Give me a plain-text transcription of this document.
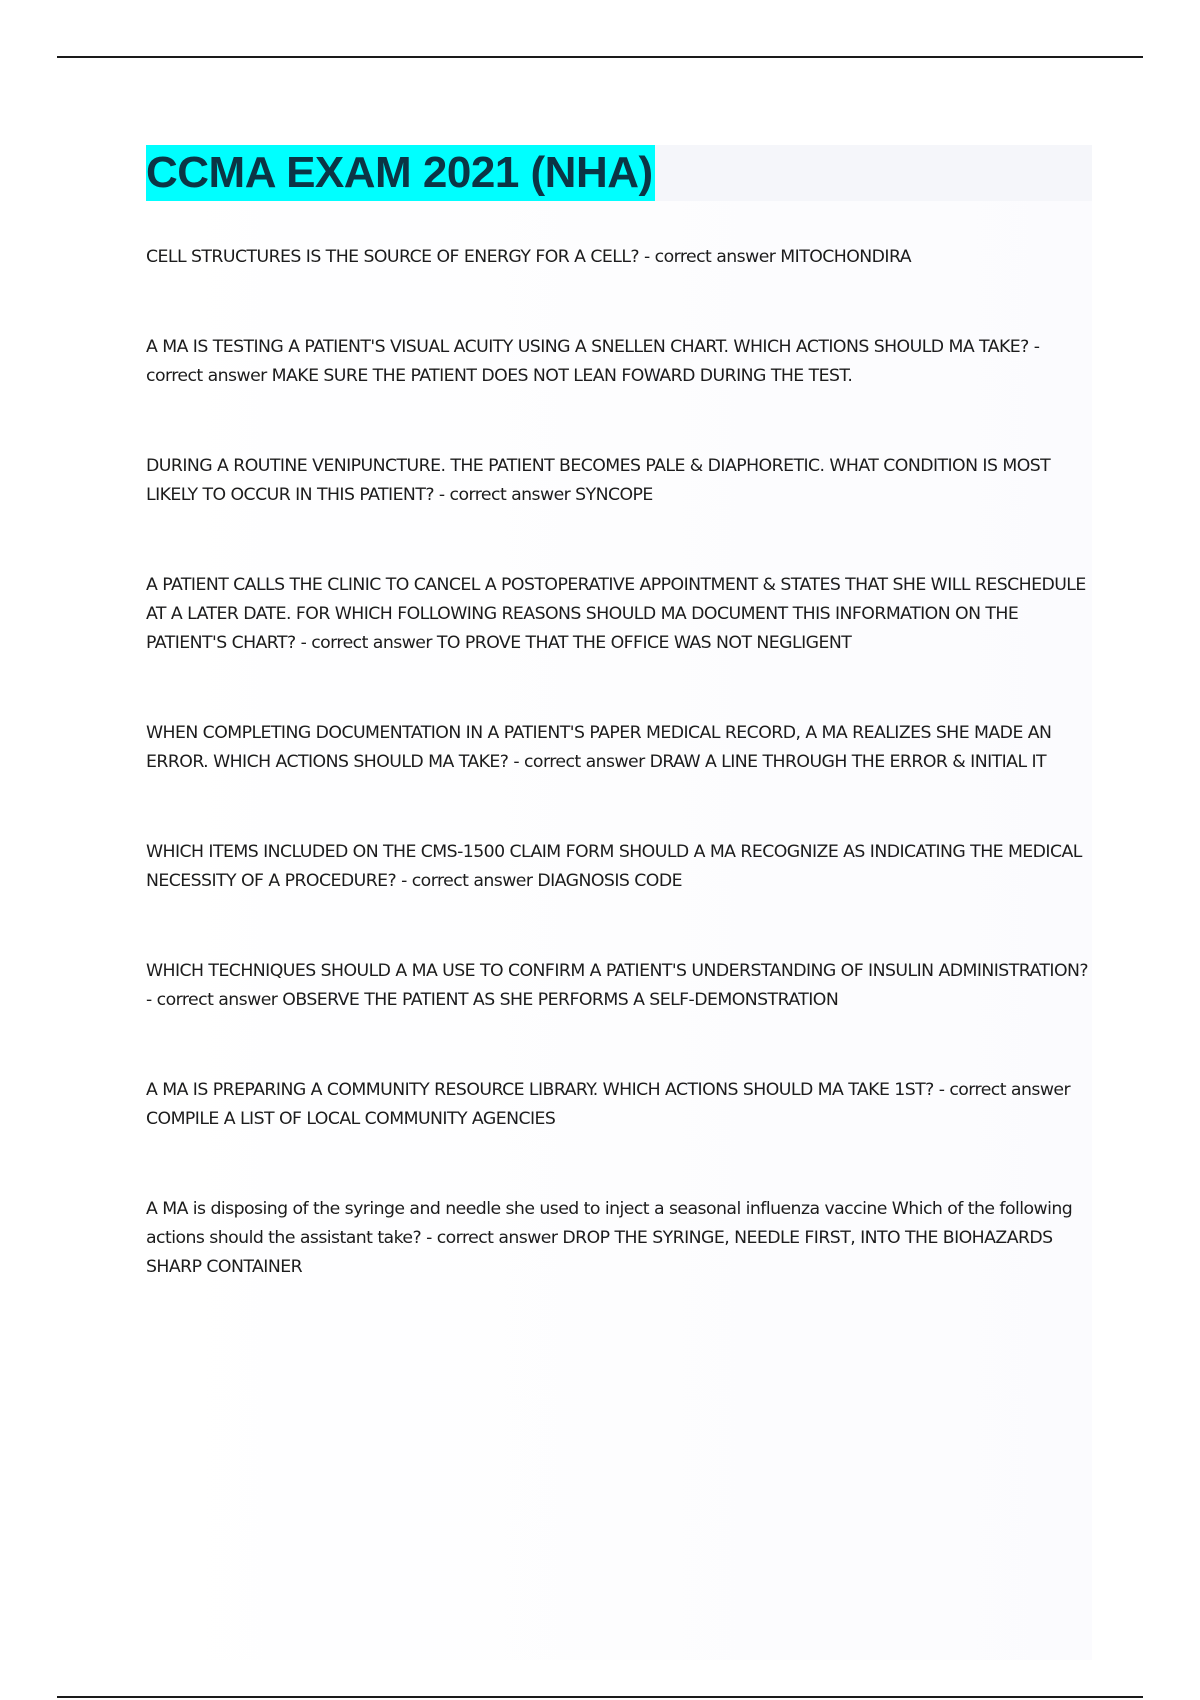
CCMA EXAM 2021 (NHA)

CELL STRUCTURES IS THE SOURCE OF ENERGY FOR A CELL? - correct answer MITOCHONDIRA

A MA IS TESTING A PATIENT'S VISUAL ACUITY USING A SNELLEN CHART. WHICH ACTIONS SHOULD MA TAKE? - correct answer MAKE SURE THE PATIENT DOES NOT LEAN FOWARD DURING THE TEST.

DURING A ROUTINE VENIPUNCTURE. THE PATIENT BECOMES PALE & DIAPHORETIC. WHAT CONDITION IS MOST LIKELY TO OCCUR IN THIS PATIENT? - correct answer SYNCOPE

A PATIENT CALLS THE CLINIC TO CANCEL A POSTOPERATIVE APPOINTMENT & STATES THAT SHE WILL RESCHEDULE AT A LATER DATE. FOR WHICH FOLLOWING REASONS SHOULD MA DOCUMENT THIS INFORMATION ON THE PATIENT'S CHART? - correct answer TO PROVE THAT THE OFFICE WAS NOT NEGLIGENT

WHEN COMPLETING DOCUMENTATION IN A PATIENT'S PAPER MEDICAL RECORD, A MA REALIZES SHE MADE AN ERROR. WHICH ACTIONS SHOULD MA TAKE? - correct answer DRAW A LINE THROUGH THE ERROR & INITIAL IT

WHICH ITEMS INCLUDED ON THE CMS-1500 CLAIM FORM SHOULD A MA RECOGNIZE AS INDICATING THE MEDICAL NECESSITY OF A PROCEDURE? - correct answer DIAGNOSIS CODE

WHICH TECHNIQUES SHOULD A MA USE TO CONFIRM A PATIENT'S UNDERSTANDING OF INSULIN ADMINISTRATION? - correct answer OBSERVE THE PATIENT AS SHE PERFORMS A SELF-DEMONSTRATION

A MA IS PREPARING A COMMUNITY RESOURCE LIBRARY. WHICH ACTIONS SHOULD MA TAKE 1ST? - correct answer COMPILE A LIST OF LOCAL COMMUNITY AGENCIES

A MA is disposing of the syringe and needle she used to inject a seasonal influenza vaccine Which of the following actions should the assistant take? - correct answer DROP THE SYRINGE, NEEDLE FIRST, INTO THE BIOHAZARDS SHARP CONTAINER
